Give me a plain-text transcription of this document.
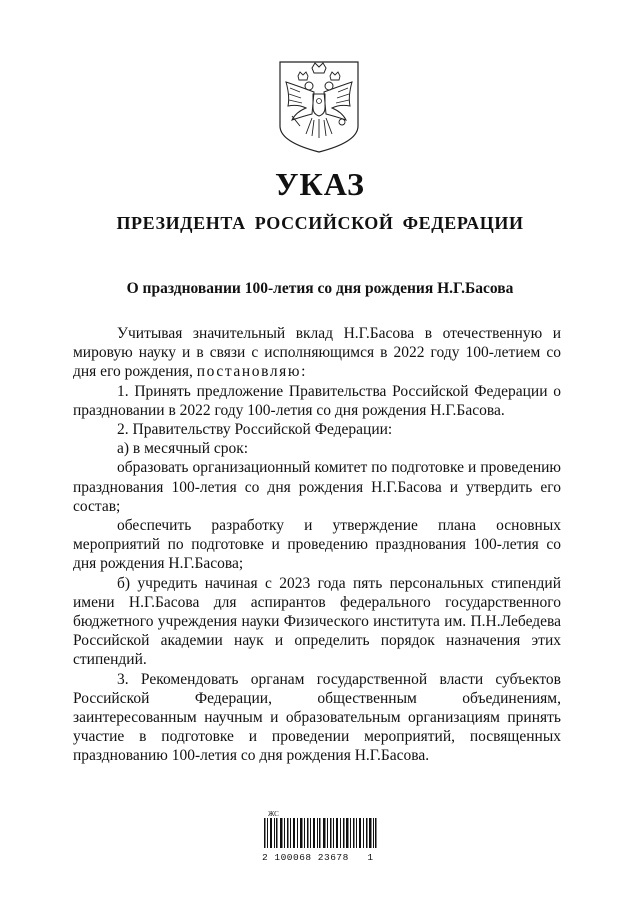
УКАЗ
ПРЕЗИДЕНТА РОССИЙСКОЙ ФЕДЕРАЦИИ
О праздновании 100-летия со дня рождения Н.Г.Басова

Учитывая значительный вклад Н.Г.Басова в отечественную и мировую науку и в связи с исполняющимся в 2022 году 100-летием со дня его рождения, постановляю:

1. Принять предложение Правительства Российской Федерации о праздновании в 2022 году 100-летия со дня рождения Н.Г.Басова.

2. Правительству Российской Федерации:

а) в месячный срок:

образовать организационный комитет по подготовке и проведению празднования 100-летия со дня рождения Н.Г.Басова и утвердить его состав;

обеспечить разработку и утверждение плана основных мероприятий по подготовке и проведению празднования 100-летия со дня рождения Н.Г.Басова;

б) учредить начиная с 2023 года пять персональных стипендий имени Н.Г.Басова для аспирантов федерального государственного бюджетного учреждения науки Физического института им. П.Н.Лебедева Российской академии наук и определить порядок назначения этих стипендий.

3. Рекомендовать органам государственной власти субъектов Российской Федерации, общественным объединениям, заинтересованным научным и образовательным организациям принять участие в подготовке и проведении мероприятий, посвященных празднованию 100-летия со дня рождения Н.Г.Басова.

ЖС
2 100068 23678   1
